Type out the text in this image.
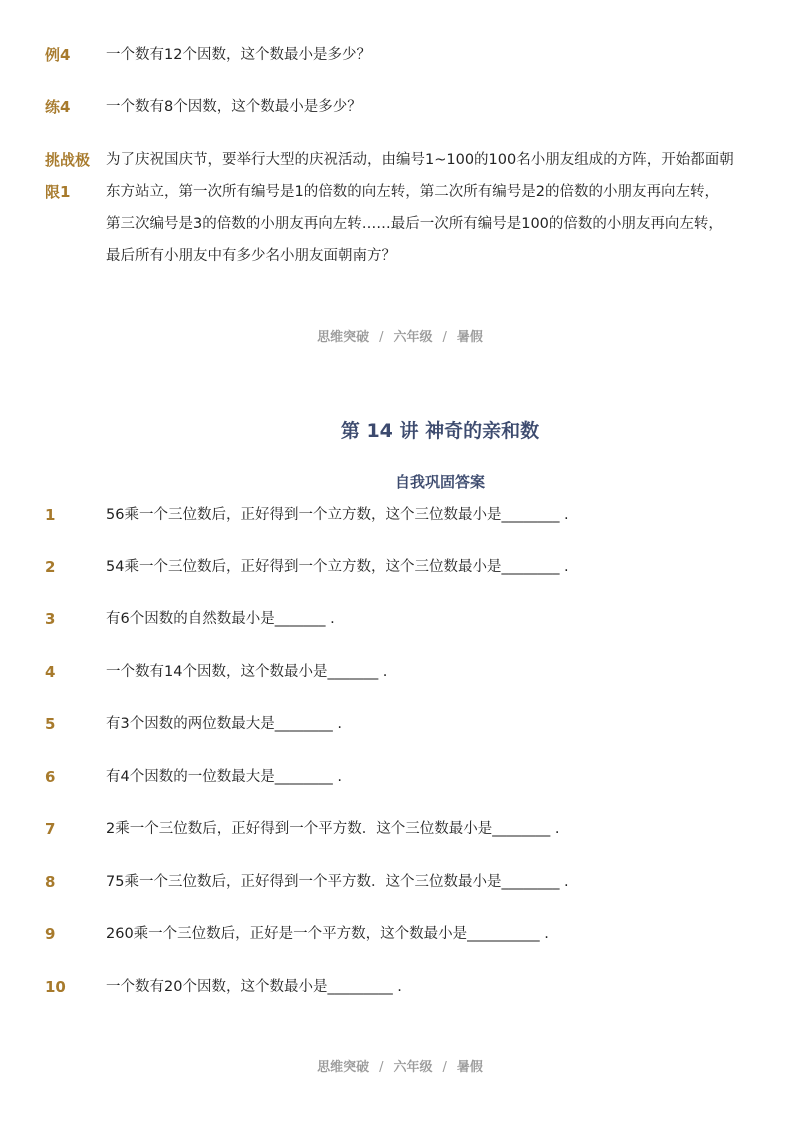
例4 一个数有12个因数，这个数最小是多少？
练4 一个数有8个因数，这个数最小是多少？
挑战极
限1
为了庆祝国庆节，要举行大型的庆祝活动，由编号1~100的100名小朋友组成的方阵，开始都面朝
东方站立，第一次所有编号是1的倍数的向左转，第二次所有编号是2的倍数的小朋友再向左转，
第三次编号是3的倍数的小朋友再向左转……最后一次所有编号是100的倍数的小朋友再向左转，
最后所有小朋友中有多少名小朋友面朝南方？
思维突破 / 六年级 / 暑假
第 14 讲 神奇的亲和数
自我巩固答案
1	56乘一个三位数后，正好得到一个立方数，这个三位数最小是________ .
2	54乘一个三位数后，正好得到一个立方数，这个三位数最小是________ .
3	有6个因数的自然数最小是_______ .
4	一个数有14个因数，这个数最小是_______ .
5	有3个因数的两位数最大是________ .
6	有4个因数的一位数最大是________ .
7	2乘一个三位数后，正好得到一个平方数．这个三位数最小是________ .
8	75乘一个三位数后，正好得到一个平方数．这个三位数最小是________ .
9	260乘一个三位数后，正好是一个平方数，这个数最小是__________ .
10	一个数有20个因数，这个数最小是_________ .
思维突破 / 六年级 / 暑假
